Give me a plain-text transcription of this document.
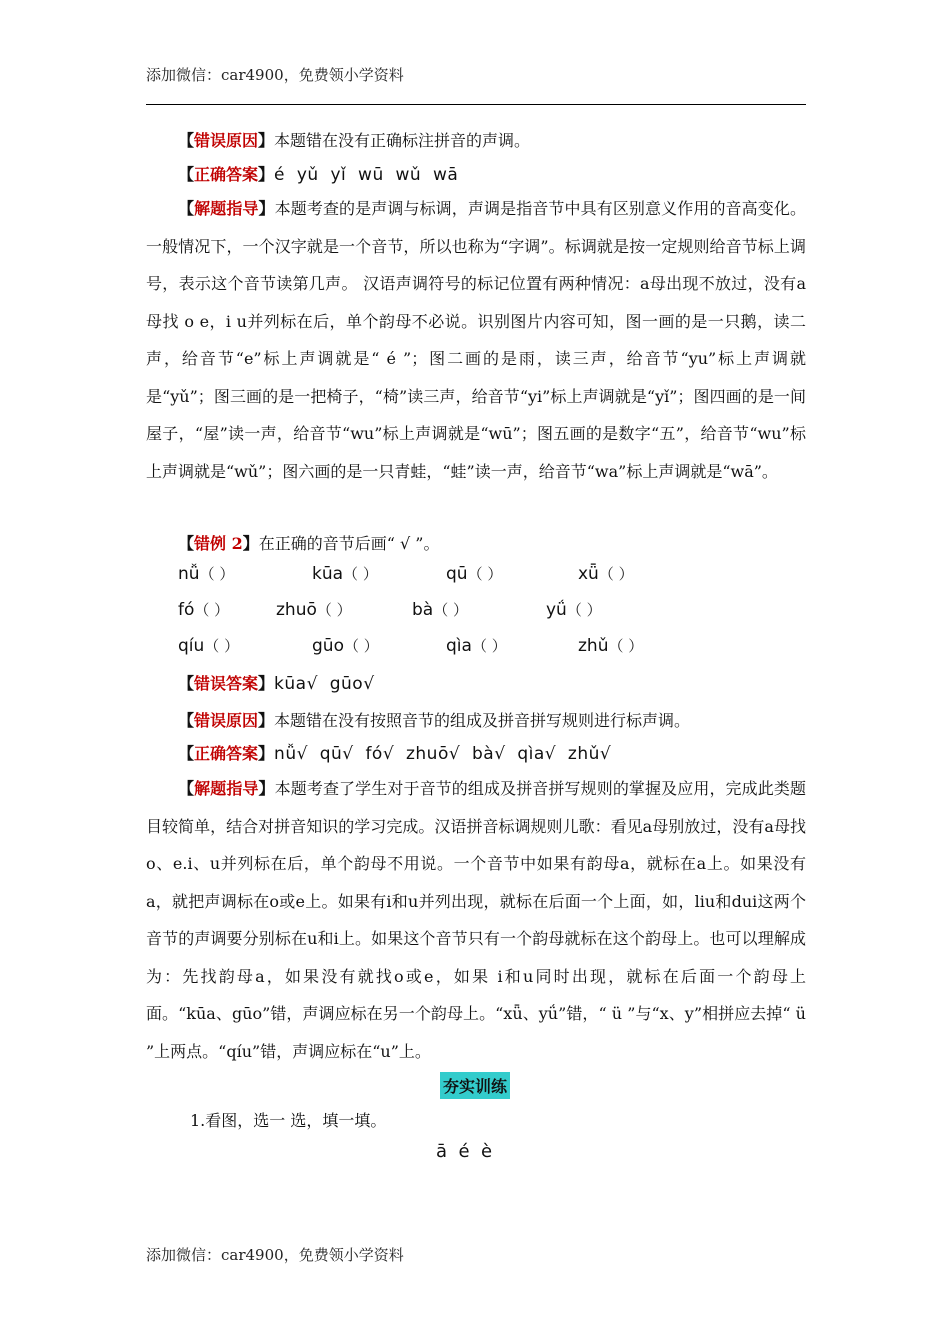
添加微信：car4900，免费领小学资料
【错误原因】本题错在没有正确标注拼音的声调。
【正确答案】é  yǔ  yǐ  wū  wǔ  wā

【解题指导】本题考查的是声调与标调，声调是指音节中具有区别意义作用的音高变化。一般情况下，一个汉字就是一个音节，所以也称为“字调”。标调就是按一定规则给音节标上调号，表示这个音节读第几声。 汉语声调符号的标记位置有两种情况：a母出现不放过，没有a母找 o e，i u并列标在后，单个韵母不必说。识别图片内容可知，图一画的是一只鹅，读二声，给音节“e”标上声调就是“ é ”；图二画的是雨，读三声，给音节“yu”标上声调就是“yǔ”；图三画的是一把椅子，“椅”读三声，给音节“yi”标上声调就是“yǐ”；图四画的是一间屋子，“屋”读一声，给音节“wu”标上声调就是“wū”；图五画的是数字“五”，给音节“wu”标上声调就是“wǔ”；图六画的是一只青蛙，“蛙”读一声，给音节“wa”标上声调就是“wā”。

【错例 2】在正确的音节后画“ √ ”。
nǚ（ ）	kūa（ ）	qū（ ）	xǖ（ ）
fó（ ）	zhuō（ ）	bà（ ）	yǘ（ ）
qíu（ ）	gūo（ ）	qìa（ ）	zhǔ（ ）
【错误答案】kūa√  gūo√
【错误原因】本题错在没有按照音节的组成及拼音拼写规则进行标声调。
【正确答案】nǚ√  qū√  fó√  zhuō√  bà√  qìa√  zhǔ√

【解题指导】本题考查了学生对于音节的组成及拼音拼写规则的掌握及应用，完成此类题目较简单，结合对拼音知识的学习完成。汉语拼音标调规则儿歌：看见a母别放过，没有a母找o、e.i、u并列标在后，单个韵母不用说。一个音节中如果有韵母a，就标在a上。如果没有a，就把声调标在o或e上。如果有i和u并列出现，就标在后面一个上面，如，liu和dui这两个音节的声调要分别标在u和i上。如果这个音节只有一个韵母就标在这个韵母上。也可以理解成为：先找韵母a，如果没有就找o或e，如果 i和u同时出现，就标在后面一个韵母上面。“kūa、gūo”错，声调应标在另一个韵母上。“xǖ、yǘ”错，“ ü ”与“x、y”相拼应去掉“ ü ”上两点。“qíu”错，声调应标在“u”上。

夯实训练
1.看图，选一 选，填一填。
ā  é  è
添加微信：car4900，免费领小学资料
